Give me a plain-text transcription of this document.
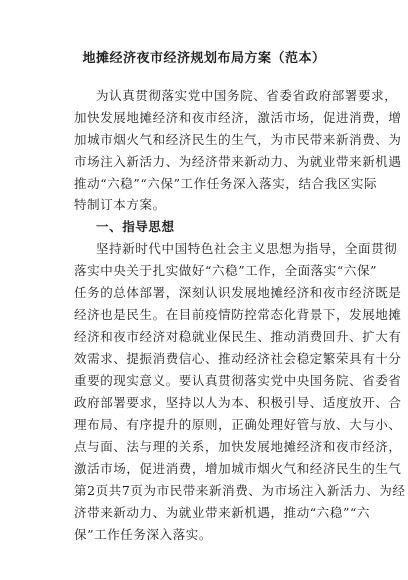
地摊经济夜市经济规划布局方案（范本）
为认真贯彻落实党中国务院、省委省政府部署要求，
加快发展地摊经济和夜市经济，激活市场，促进消费，增
加城市烟火气和经济民生的生气，为市民带来新消费、为
市场注入新活力、为经济带来新动力、为就业带来新机遇
推动“六稳”“六保”工作任务深入落实，结合我区实际
特制订本方案。
一、指导思想
坚持新时代中国特色社会主义思想为指导，全面贯彻
落实中央关于扎实做好“六稳”工作，全面落实“六保”
任务的总体部署，深刻认识发展地摊经济和夜市经济既是
经济也是民生。在目前疫情防控常态化背景下，发展地摊
经济和夜市经济对稳就业保民生、推动消费回升、扩大有
效需求、提振消费信心、推动经济社会稳定繁荣具有十分
重要的现实意义。要认真贯彻落实党中央国务院、省委省
政府部署要求，坚持以人为本、积极引导、适度放开、合
理布局、有序提升的原则，正确处理好管与放、大与小、
点与面、法与理的关系，加快发展地摊经济和夜市经济，
激活市场，促进消费，增加城市烟火气和经济民生的生气
第2页共7页为市民带来新消费、为市场注入新活力、为经
济带来新动力、为就业带来新机遇，推动“六稳”“六
保”工作任务深入落实。
